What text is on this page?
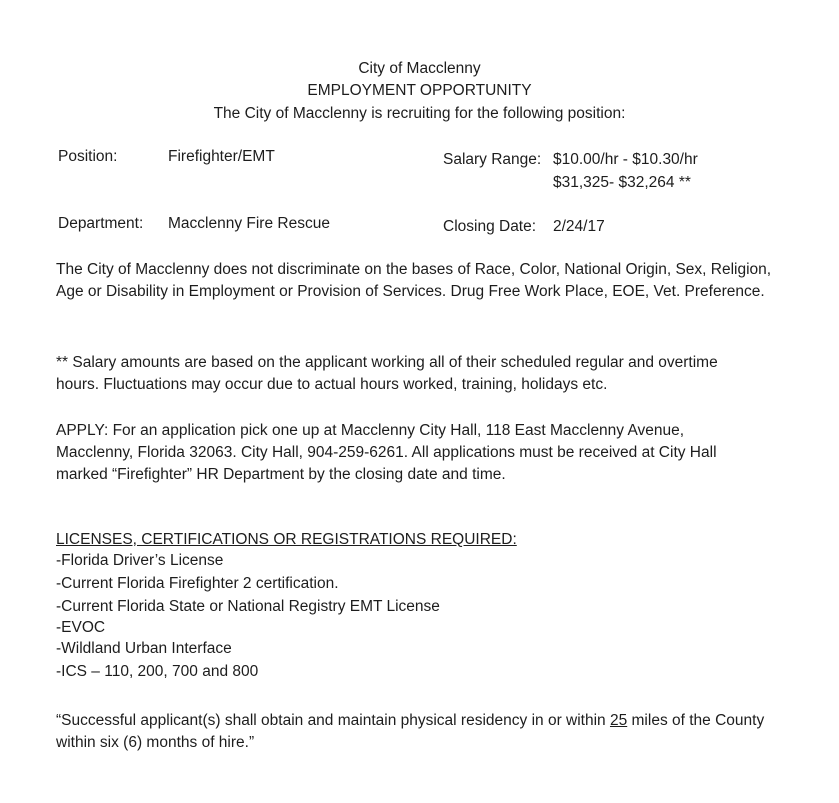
City of Macclenny
EMPLOYMENT OPPORTUNITY
The City of Macclenny is recruiting for the following position:
Position:	Firefighter/EMT	Salary Range: $10.00/hr - $10.30/hr
$31,325- $32,264 **
Department: Macclenny Fire Rescue	Closing Date: 2/24/17
The City of Macclenny does not discriminate on the bases of Race, Color, National Origin, Sex, Religion, Age or Disability in Employment or Provision of Services. Drug Free Work Place, EOE, Vet. Preference.
** Salary amounts are based on the applicant working all of their scheduled regular and overtime hours. Fluctuations may occur due to actual hours worked, training, holidays etc.
APPLY: For an application pick one up at Macclenny City Hall, 118 East Macclenny Avenue, Macclenny, Florida 32063. City Hall, 904-259-6261. All applications must be received at City Hall marked “Firefighter” HR Department by the closing date and time.
LICENSES, CERTIFICATIONS OR REGISTRATIONS REQUIRED:
-Florida Driver’s License
-Current Florida Firefighter 2 certification.
-Current Florida State or National Registry EMT License
-EVOC
-Wildland Urban Interface
-ICS – 110, 200, 700 and 800
“Successful applicant(s) shall obtain and maintain physical residency in or within 25 miles of the County within six (6) months of hire.”
